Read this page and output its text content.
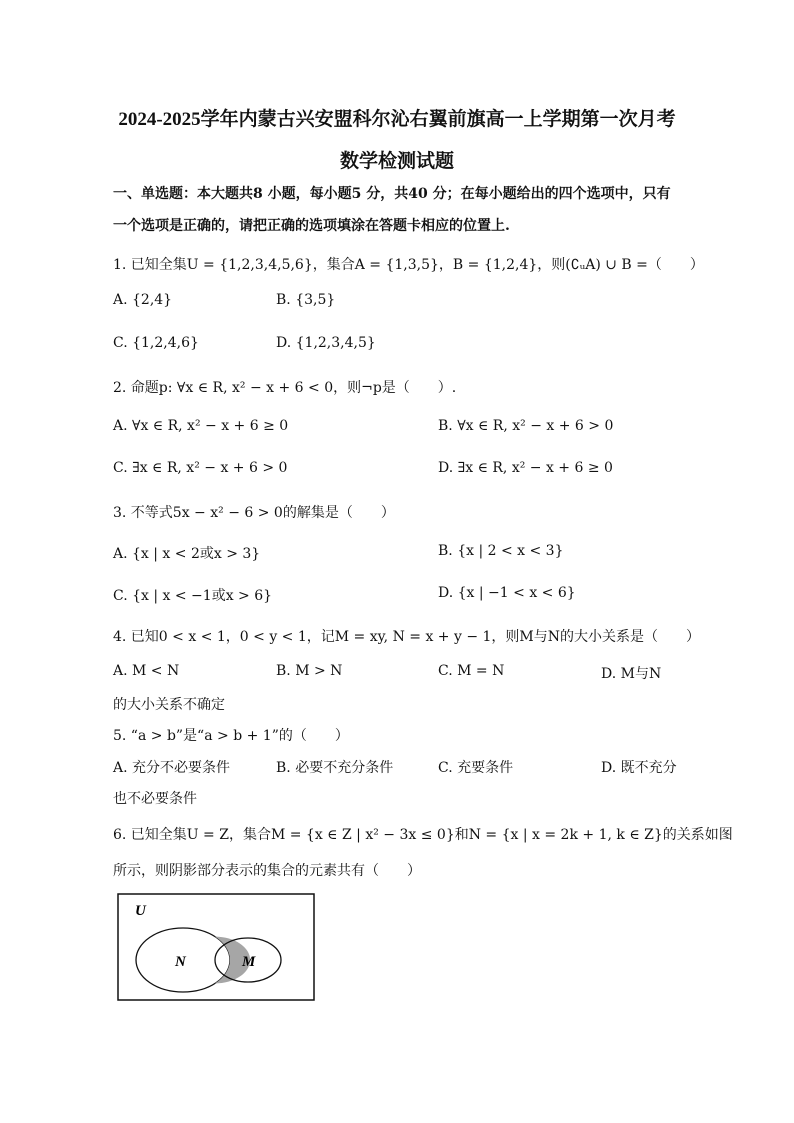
2024-2025学年内蒙古兴安盟科尔沁右翼前旗高一上学期第一次月考
数学检测试题
一、单选题：本大题共8 小题，每小题5 分，共40 分；在每小题给出的四个选项中，只有
一个选项是正确的，请把正确的选项填涂在答题卡相应的位置上.
1. 已知全集U = {1,2,3,4,5,6}，集合A = {1,3,5}，B = {1,2,4}，则(∁ᵤA) ∪ B =（　　）
A. {2,4}	B. {3,5}
C. {1,2,4,6}	D. {1,2,3,4,5}
2. 命题p: ∀x ∈ R, x² − x + 6 < 0，则¬p是（　　）.
A. ∀x ∈ R, x² − x + 6 ≥ 0	B. ∀x ∈ R, x² − x + 6 > 0
C. ∃x ∈ R, x² − x + 6 > 0	D. ∃x ∈ R, x² − x + 6 ≥ 0
3. 不等式5x − x² − 6 > 0的解集是（　　）
A. {x | x < 2或x > 3}	B. {x | 2 < x < 3}
C. {x | x < −1或x > 6}	D. {x | −1 < x < 6}
4. 已知0 < x < 1，0 < y < 1，记M = xy, N = x + y − 1，则M与N的大小关系是（　　）
A. M < N	B. M > N	C. M = N	D. M与N
的大小关系不确定
5. “a > b”是“a > b + 1”的（　　）
A. 充分不必要条件	B. 必要不充分条件	C. 充要条件	D. 既不充分
也不必要条件
6. 已知全集U = Z，集合M = {x ∈ Z | x² − 3x ≤ 0}和N = {x | x = 2k + 1, k ∈ Z}的关系如图
所示，则阴影部分表示的集合的元素共有（　　）
U
N	M
